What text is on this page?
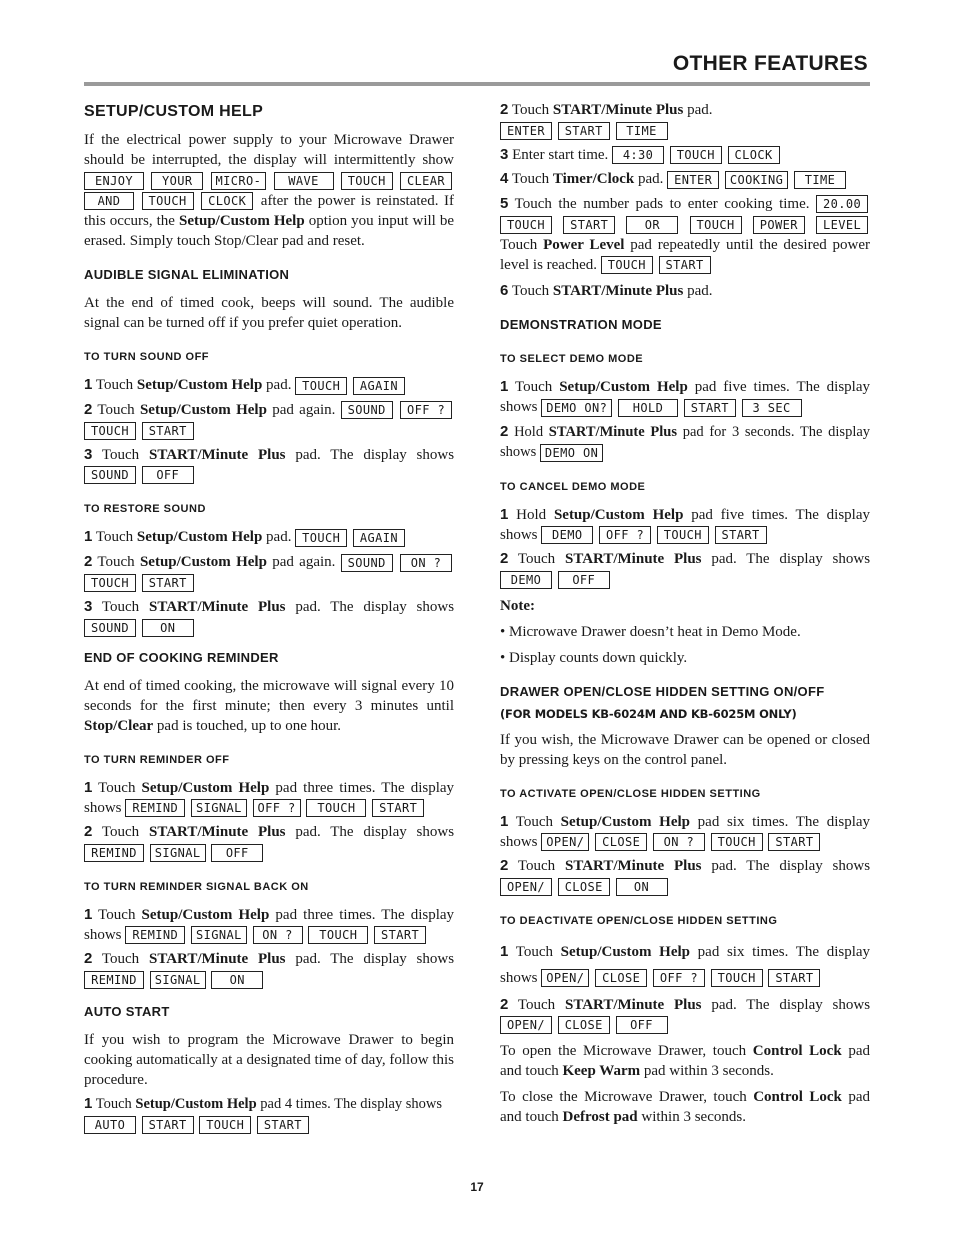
OTHER FEATURES

SETUP/CUSTOM HELP

If the electrical power supply to your Microwave Drawer should be interrupted, the display will intermittently show ENJOY YOUR MICRO- WAVE TOUCH CLEAR AND TOUCH CLOCK after the power is reinstated. If this occurs, the Setup/Custom Help option you input will be erased. Simply touch Stop/Clear pad and reset.

AUDIBLE SIGNAL ELIMINATION

At the end of timed cook, beeps will sound. The audible signal can be turned off if you prefer quiet operation.

TO TURN SOUND OFF

1 Touch Setup/Custom Help pad. TOUCH AGAIN

2 Touch Setup/Custom Help pad again. SOUND OFF ? TOUCH START

3 Touch START/Minute Plus pad. The display shows SOUND OFF

TO RESTORE SOUND

1 Touch Setup/Custom Help pad. TOUCH AGAIN

2 Touch Setup/Custom Help pad again. SOUND ON ? TOUCH START

3 Touch START/Minute Plus pad. The display shows SOUND	ON

END OF COOKING REMINDER

At end of timed cooking, the microwave will signal every 10 seconds for the first minute; then every 3 minutes until Stop/Clear pad is touched, up to one hour.

TO TURN REMINDER OFF

1 Touch Setup/Custom Help pad three times. The display shows REMIND SIGNAL OFF ? TOUCH START

2 Touch START/Minute Plus pad. The display shows REMIND SIGNAL OFF

TO TURN REMINDER SIGNAL BACK ON

1 Touch Setup/Custom Help pad three times. The display shows REMIND SIGNAL ON ? TOUCH START

2 Touch START/Minute Plus pad. The display shows REMIND SIGNAL ON

AUTO START

If you wish to program the Microwave Drawer to begin cooking automatically at a designated time of day, follow this procedure.

1 Touch Setup/Custom Help pad 4 times. The display shows AUTO START TOUCH START

2 Touch START/Minute Plus pad.
ENTER START TIME

3 Enter start time. 4:30 TOUCH CLOCK

4 Touch Timer/Clock pad. ENTER COOKING TIME

5 Touch the number pads to enter cooking time. 20.00 TOUCH START	OR	TOUCH POWER LEVEL Touch Power Level pad repeatedly until the desired power level is reached. TOUCH START

6 Touch START/Minute Plus pad.

DEMONSTRATION MODE

TO SELECT DEMO MODE

1 Touch Setup/Custom Help pad five times. The display shows DEMO ON? HOLD START 3 SEC

2 Hold START/Minute Plus pad for 3 seconds. The display shows DEMO ON

TO CANCEL DEMO MODE

1 Hold Setup/Custom Help pad five times. The display shows DEMO OFF ? TOUCH START

2 Touch START/Minute Plus pad. The display shows DEMO	OFF

Note:

• Microwave Drawer doesn’t heat in Demo Mode.

• Display counts down quickly.

DRAWER OPEN/CLOSE HIDDEN SETTING ON/OFF

(FOR MODELS KB-6024M AND KB-6025M ONLY)

If you wish, the Microwave Drawer can be opened or closed by pressing keys on the control panel.

TO ACTIVATE OPEN/CLOSE HIDDEN SETTING

1 Touch Setup/Custom Help pad six times. The display shows OPEN/ CLOSE ON ? TOUCH START

2 Touch START/Minute Plus pad. The display shows OPEN/ CLOSE	ON

TO DEACTIVATE OPEN/CLOSE HIDDEN SETTING

1 Touch Setup/Custom Help pad six times. The display shows OPEN/ CLOSE OFF ? TOUCH START

2 Touch START/Minute Plus pad. The display shows OPEN/ CLOSE OFF

To open the Microwave Drawer, touch Control Lock pad and touch Keep Warm pad within 3 seconds.

To close the Microwave Drawer, touch Control Lock pad and touch Defrost pad within 3 seconds.

17
